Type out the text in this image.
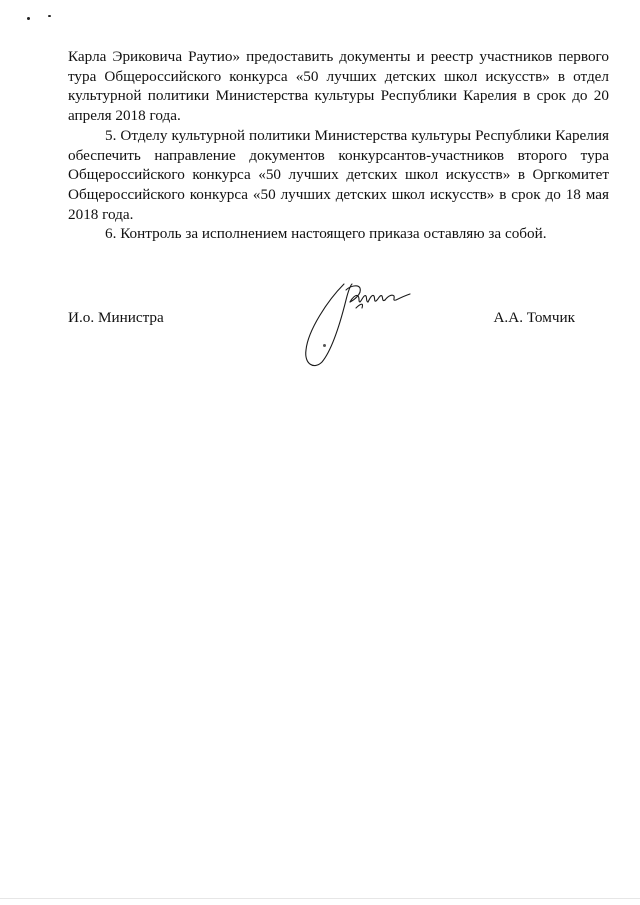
Карла Эриковича Раутио» предоставить документы и реестр участников первого тура Общероссийского конкурса «50 лучших детских школ искусств» в отдел культурной политики Министерства культуры Республики Карелия в срок до 20 апреля 2018 года.

5. Отделу культурной политики Министерства культуры Республики Карелия обеспечить направление документов конкурсантов-участников второго тура Общероссийского конкурса «50 лучших детских школ искусств» в Оргкомитет Общероссийского конкурса «50 лучших детских школ искусств» в срок до 18 мая 2018 года.

6. Контроль за исполнением настоящего приказа оставляю за собой.

И.о. Министра	А.А. Томчик
